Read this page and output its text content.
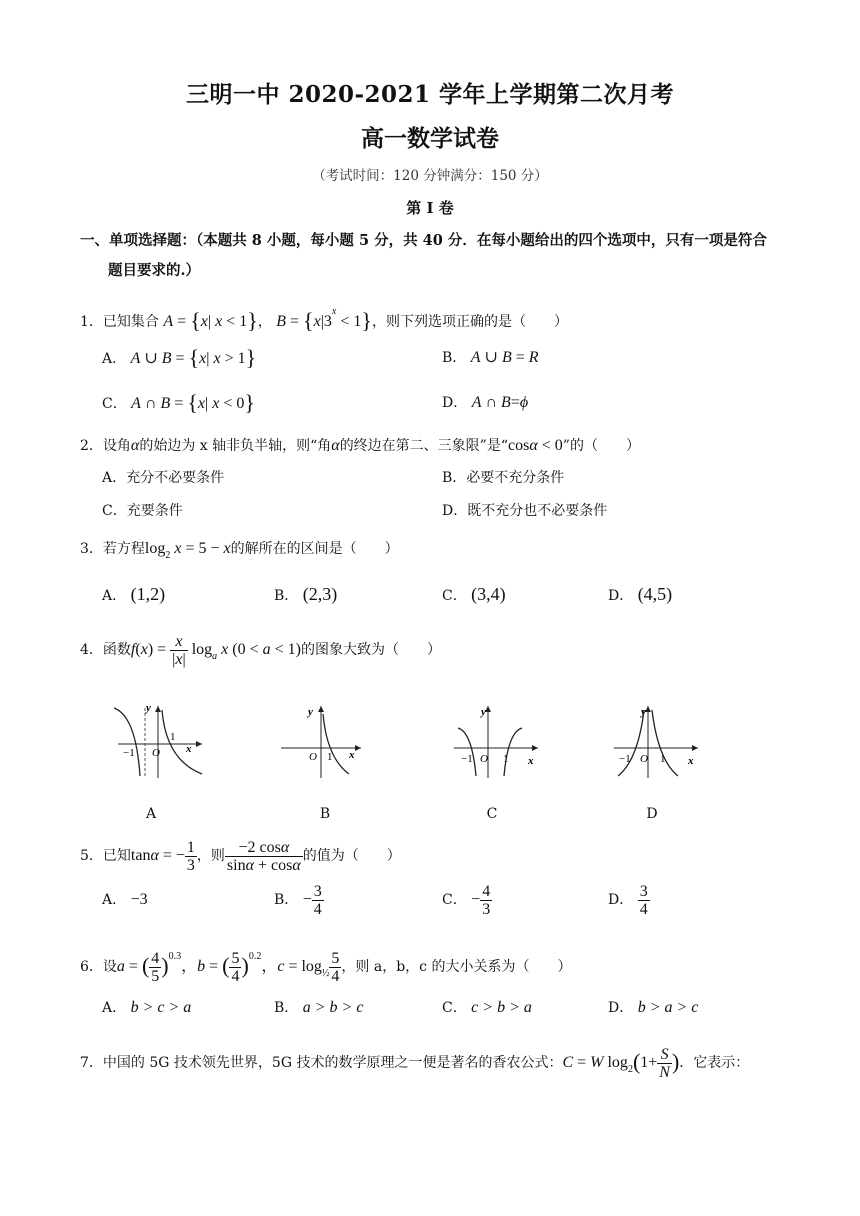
三明一中 2020-2021 学年上学期第二次月考
高一数学试卷
（考试时间：120 分钟满分：150 分）
第 I 卷
一、单项选择题：（本题共 8 小题，每小题 5 分，共 40 分．在每小题给出的四个选项中，只有一项是符合
题目要求的.）
1．已知集合 A = {x| x < 1}， $B = \{x|3^x < 1\}$，则下列选项正确的是（　　）
A． A ∪ B = {x| x > 1}	B． A ∪ B = R
C． A ∩ B = {x| x < 0}	D． A ∩ B=ϕ
2．设角α的始边为 x 轴非负半轴，则“角α的终边在第二、三象限”是“cosα < 0”的（　　）
A．充分不必要条件	B．必要不充分条件
C．充要条件	D．既不充分也不必要条件
3．若方程$\log_2 x = 5 - x$的解所在的区间是（　　）
A． (1,2)	B． (2,3)	C． (3,4)	D． (4,5)
4．函数$f(x) = \frac{x}{|x|} \log_a x$ (0 < a < 1)的图象大致为（　　）
y
x
−1 O
1
A
y
x
O 1
B
y
x
−1 O 1
C
y
x
−1 O 1
D
5．已知tanα = − $\frac{1}{3}$ ，则 $\frac{-2 \cos\alpha}{\sin\alpha + \cos\alpha}$ 的值为（　　）
A． −3	B． − $\frac{3}{4}$	C． − $\frac{4}{3}$	D． $\frac{3}{4}$
6．设a = ( $\frac{4}{5} )^{0.3}$，b = ( $\frac{5}{4} )^{0.2}$，$c = \log_{\frac{1}{2}} \frac{5}{4}$ ，则 a，b，c 的大小关系为（　　）
A． b > c > a	B． a > b > c	C． c > b > a	D． b > a > c
7．中国的 5G 技术领先世界，5G 技术的数学原理之一便是著名的香农公式：C = W $\log_2(1+ \frac{S}{N}$ )．它表示：
